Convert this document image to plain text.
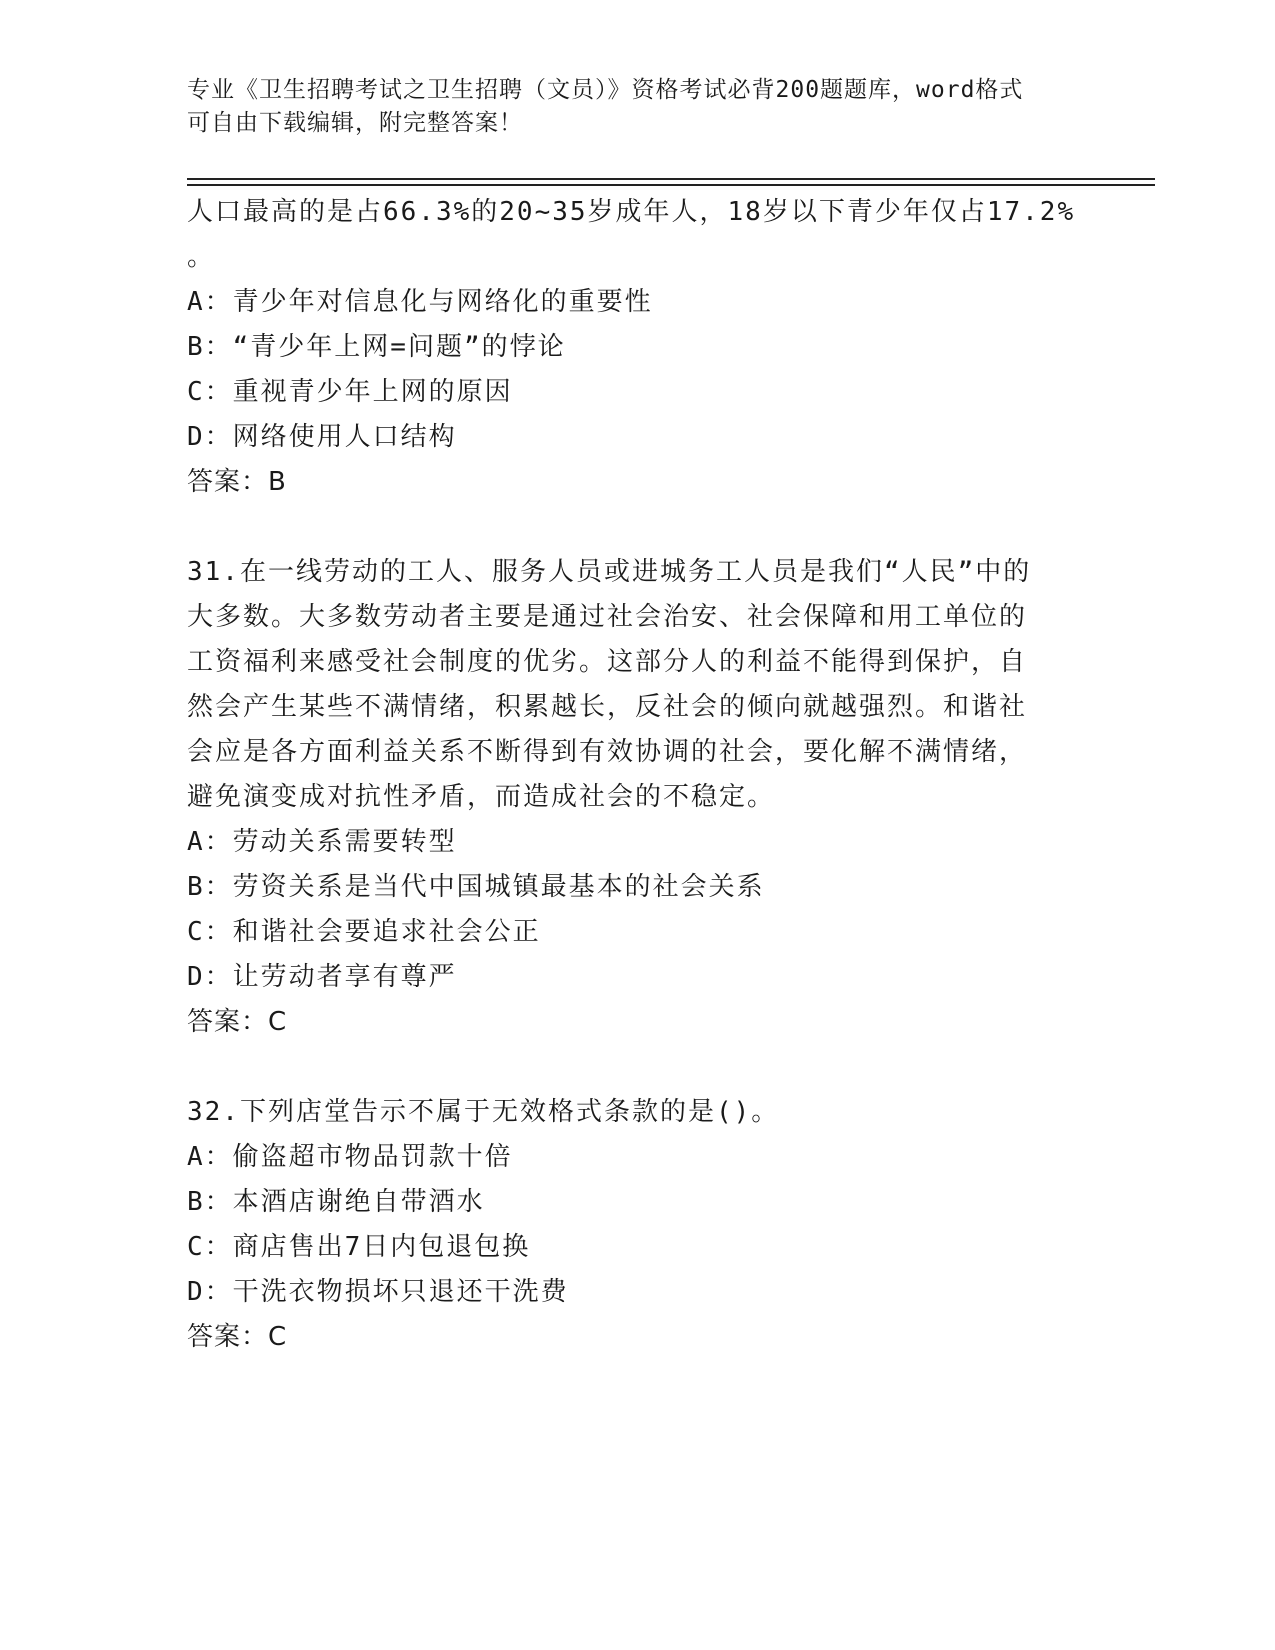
专业《卫生招聘考试之卫生招聘（文员）》资格考试必背200题题库，word格式
可自由下载编辑，附完整答案！

人口最高的是占66.3%的20~35岁成年人，18岁以下青少年仅占17.2%

。

A：青少年对信息化与网络化的重要性

B：“青少年上网=问题”的悖论

C：重视青少年上网的原因

D：网络使用人口结构

答案：B

31.在一线劳动的工人、服务人员或进城务工人员是我们“人民”中的

大多数。大多数劳动者主要是通过社会治安、社会保障和用工单位的

工资福利来感受社会制度的优劣。这部分人的利益不能得到保护，自

然会产生某些不满情绪，积累越长，反社会的倾向就越强烈。和谐社

会应是各方面利益关系不断得到有效协调的社会，要化解不满情绪，

避免演变成对抗性矛盾，而造成社会的不稳定。

A：劳动关系需要转型

B：劳资关系是当代中国城镇最基本的社会关系

C：和谐社会要追求社会公正

D：让劳动者享有尊严

答案：C

32.下列店堂告示不属于无效格式条款的是()。

A：偷盗超市物品罚款十倍

B：本酒店谢绝自带酒水

C：商店售出7日内包退包换

D：干洗衣物损坏只退还干洗费

答案：C
